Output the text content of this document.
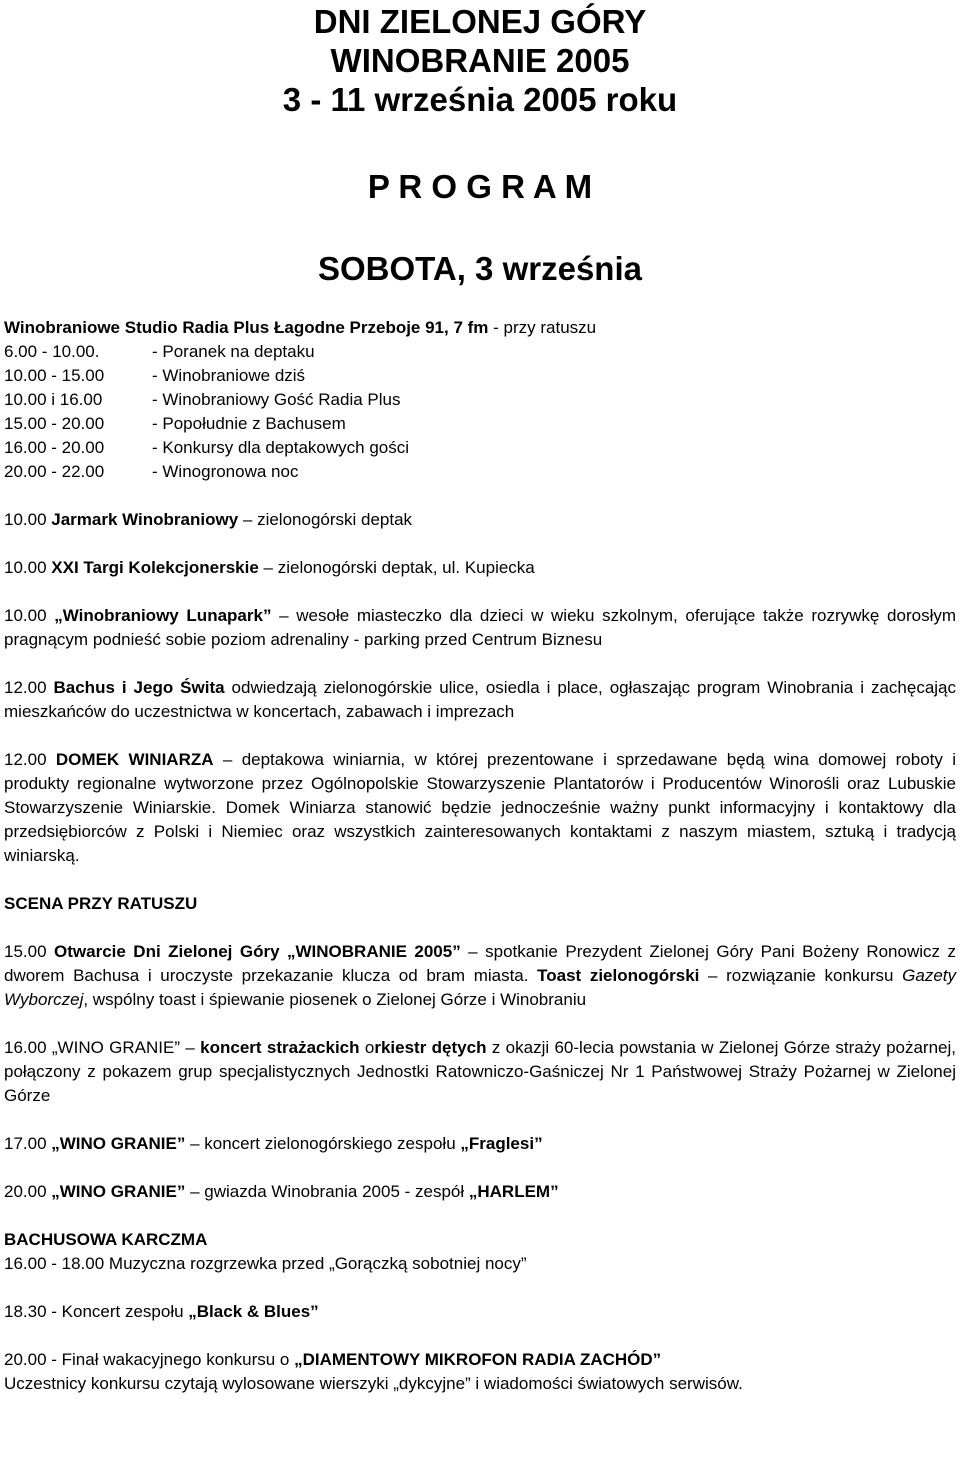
DNI ZIELONEJ GÓRY
WINOBRANIE 2005
3 - 11 września 2005 roku
P R O G R A M
SOBOTA, 3 września

Winobraniowe Studio Radia Plus Łagodne Przeboje 91, 7 fm - przy ratuszu

6.00 - 10.00.	- Poranek na deptaku
10.00 - 15.00	- Winobraniowe dziś
10.00 i 16.00	- Winobraniowy Gość Radia Plus
15.00 - 20.00	- Popołudnie z Bachusem
16.00 - 20.00	- Konkursy dla deptakowych gości
20.00 - 22.00	- Winogronowa noc

10.00 Jarmark Winobraniowy – zielonogórski deptak

10.00 XXI Targi Kolekcjonerskie – zielonogórski deptak, ul. Kupiecka

10.00 „Winobraniowy Lunapark” – wesołe miasteczko dla dzieci w wieku szkolnym, oferujące także rozrywkę dorosłym pragnącym podnieść sobie poziom adrenaliny - parking przed Centrum Biznesu

12.00 Bachus i Jego Świta odwiedzają zielonogórskie ulice, osiedla i place, ogłaszając program Winobrania i zachęcając mieszkańców do uczestnictwa w koncertach, zabawach i imprezach

12.00 DOMEK WINIARZA – deptakowa winiarnia, w której prezentowane i sprzedawane będą wina domowej roboty i produkty regionalne wytworzone przez Ogólnopolskie Stowarzyszenie Plantatorów i Producentów Winorośli oraz Lubuskie Stowarzyszenie Winiarskie. Domek Winiarza stanowić będzie jednocześnie ważny punkt informacyjny i kontaktowy dla przedsiębiorców z Polski i Niemiec oraz wszystkich zainteresowanych kontaktami z naszym miastem, sztuką i tradycją winiarską.

SCENA PRZY RATUSZU

15.00 Otwarcie Dni Zielonej Góry „WINOBRANIE 2005” – spotkanie Prezydent Zielonej Góry Pani Bożeny Ronowicz z dworem Bachusa i uroczyste przekazanie klucza od bram miasta. Toast zielonogórski – rozwiązanie konkursu Gazety Wyborczej, wspólny toast i śpiewanie piosenek o Zielonej Górze i Winobraniu

16.00 „WINO GRANIE” – koncert strażackich orkiestr dętych z okazji 60-lecia powstania w Zielonej Górze straży pożarnej, połączony z pokazem grup specjalistycznych Jednostki Ratowniczo-Gaśniczej Nr 1 Państwowej Straży Pożarnej w Zielonej Górze

17.00 „WINO GRANIE” – koncert zielonogórskiego zespołu „Fraglesi”

20.00 „WINO GRANIE” – gwiazda Winobrania 2005 - zespół „HARLEM”

BACHUSOWA KARCZMA

16.00 - 18.00 Muzyczna rozgrzewka przed „Gorączką sobotniej nocy”

18.30 - Koncert zespołu „Black & Blues”

20.00 - Finał wakacyjnego konkursu o „DIAMENTOWY MIKROFON RADIA ZACHÓD”

Uczestnicy konkursu czytają wylosowane wierszyki „dykcyjne” i wiadomości światowych serwisów.
